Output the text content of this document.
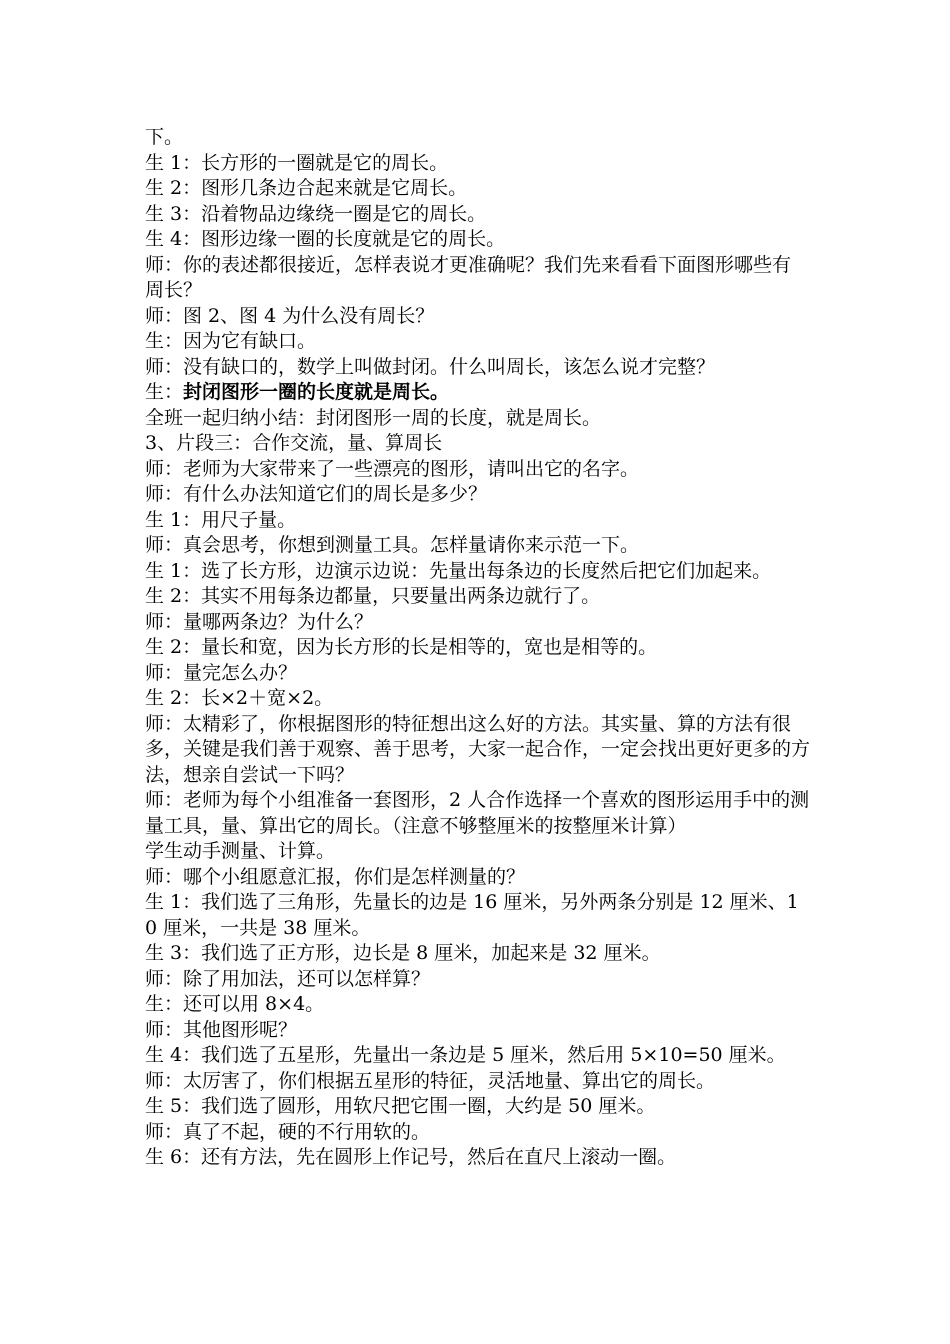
下。

生 1：长方形的一圈就是它的周长。

生 2：图形几条边合起来就是它周长。

生 3：沿着物品边缘绕一圈是它的周长。

生 4：图形边缘一圈的长度就是它的周长。

师：你的表述都很接近，怎样表说才更准确呢？我们先来看看下面图形哪些有周长？

师：图 2、图 4 为什么没有周长？

生：因为它有缺口。

师：没有缺口的，数学上叫做封闭。什么叫周长，该怎么说才完整？

生：封闭图形一圈的长度就是周长。

全班一起归纳小结：封闭图形一周的长度，就是周长。

3、片段三：合作交流，量、算周长

师：老师为大家带来了一些漂亮的图形，请叫出它的名字。

师：有什么办法知道它们的周长是多少？

生 1：用尺子量。

师：真会思考，你想到测量工具。怎样量请你来示范一下。

生 1：选了长方形，边演示边说：先量出每条边的长度然后把它们加起来。

生 2：其实不用每条边都量，只要量出两条边就行了。

师：量哪两条边？为什么？

生 2：量长和宽，因为长方形的长是相等的，宽也是相等的。

师：量完怎么办？

生 2：长×2＋宽×2。

师：太精彩了，你根据图形的特征想出这么好的方法。其实量、算的方法有很多，关键是我们善于观察、善于思考，大家一起合作，一定会找出更好更多的方法，想亲自尝试一下吗？

师：老师为每个小组准备一套图形，2 人合作选择一个喜欢的图形运用手中的测量工具，量、算出它的周长。（注意不够整厘米的按整厘米计算）

学生动手测量、计算。

师：哪个小组愿意汇报，你们是怎样测量的？

生 1：我们选了三角形，先量长的边是 16 厘米，另外两条分别是 12 厘米、10 厘米，一共是 38 厘米。

生 3：我们选了正方形，边长是 8 厘米，加起来是 32 厘米。

师：除了用加法，还可以怎样算？

生：还可以用 8×4。

师：其他图形呢？

生 4：我们选了五星形，先量出一条边是 5 厘米，然后用 5×10=50 厘米。

师：太厉害了，你们根据五星形的特征，灵活地量、算出它的周长。

生 5：我们选了圆形，用软尺把它围一圈，大约是 50 厘米。

师：真了不起，硬的不行用软的。

生 6：还有方法，先在圆形上作记号，然后在直尺上滚动一圈。
